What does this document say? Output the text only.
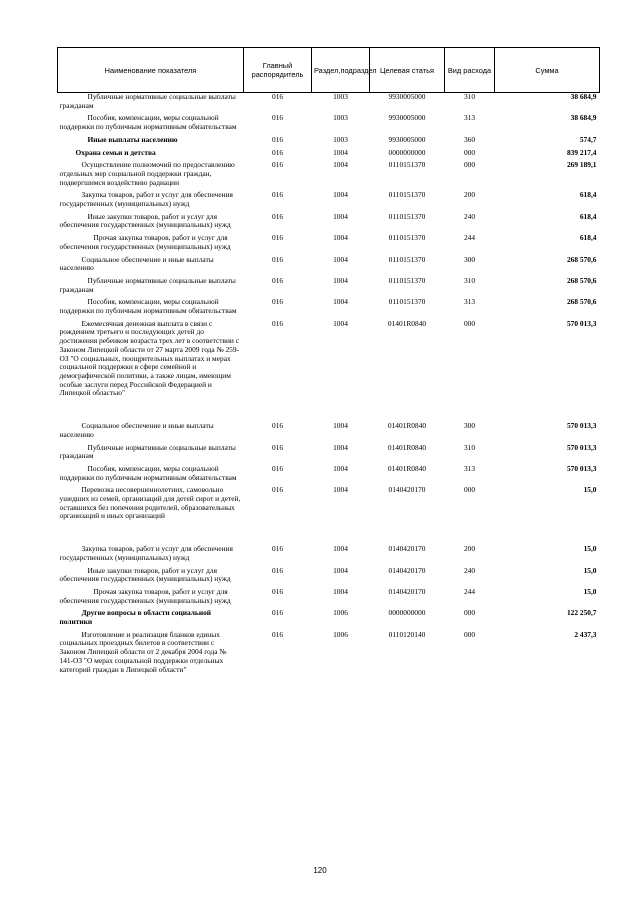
Наименование показателя	Главный распорядитель	Раздел,подраздел	Целевая статья	Вид расхода	Сумма
Публичные нормативные социальные выплаты гражданам	016	1003	9930005000	310	38 684,9
Пособия, компенсации, меры социальной поддержки по публичным нормативным обязательствам	016	1003	9930005000	313	38 684,9
Иные выплаты населению	016	1003	9930005000	360	574,7
Охрана семьи и детства	016	1004	0000000000	000	839 217,4
Осуществление полномочий по предоставлению отдельных мер социальной поддержки граждан, подвергшимся воздействию радиации	016	1004	0110151370	000	269 189,1
Закупка товаров, работ и услуг для обеспечения государственных (муниципальных) нужд	016	1004	0110151370	200	618,4
Иные закупки товаров, работ и услуг для обеспечения государственных (муниципальных) нужд	016	1004	0110151370	240	618,4
Прочая закупка товаров, работ и услуг для обеспечения государственных (муниципальных) нужд	016	1004	0110151370	244	618,4
Социальное обеспечение и иные выплаты населению	016	1004	0110151370	300	268 570,6
Публичные нормативные социальные выплаты гражданам	016	1004	0110151370	310	268 570,6
Пособия, компенсации, меры социальной поддержки по публичным нормативным обязательствам	016	1004	0110151370	313	268 570,6
Ежемесячная денежная выплата в связи с рождением третьего и последующих детей до достижения ребенком возраста трех лет в соответствии с Законом Липецкой области от 27 марта 2009 года № 259-ОЗ "О социальных, поощрительных выплатах и мерах социальной поддержки в сфере семейной и демографической политики, а также лицам, имеющим особые заслуги перед Российской Федерацией и Липецкой областью"	016	1004	01401R0840	000	570 013,3
Социальное обеспечение и иные выплаты населению	016	1004	01401R0840	300	570 013,3
Публичные нормативные социальные выплаты гражданам	016	1004	01401R0840	310	570 013,3
Пособия, компенсации, меры социальной поддержки по публичным нормативным обязательствам	016	1004	01401R0840	313	570 013,3
Перевозка несовершеннолетних, самовольно ушедших из семей, организаций для детей сирот и детей, оставшихся без попечения родителей, образовательных организаций и иных организаций	016	1004	0140420170	000	15,0
Закупка товаров, работ и услуг для обеспечения государственных (муниципальных) нужд	016	1004	0140420170	200	15,0
Иные закупки товаров, работ и услуг для обеспечения государственных (муниципальных) нужд	016	1004	0140420170	240	15,0
Прочая закупка товаров, работ и услуг для обеспечения государственных (муниципальных) нужд	016	1004	0140420170	244	15,0
Другие вопросы в области социальной политики	016	1006	0000000000	000	122 250,7
Изготовление и реализация бланков единых социальных проездных билетов в соответствии с Законом Липецкой области от 2 декабря 2004 года № 141-ОЗ "О мерах социальной поддержки отдельных категорий граждан в Липецкой области"	016	1006	0110120140	000	2 437,3
120
